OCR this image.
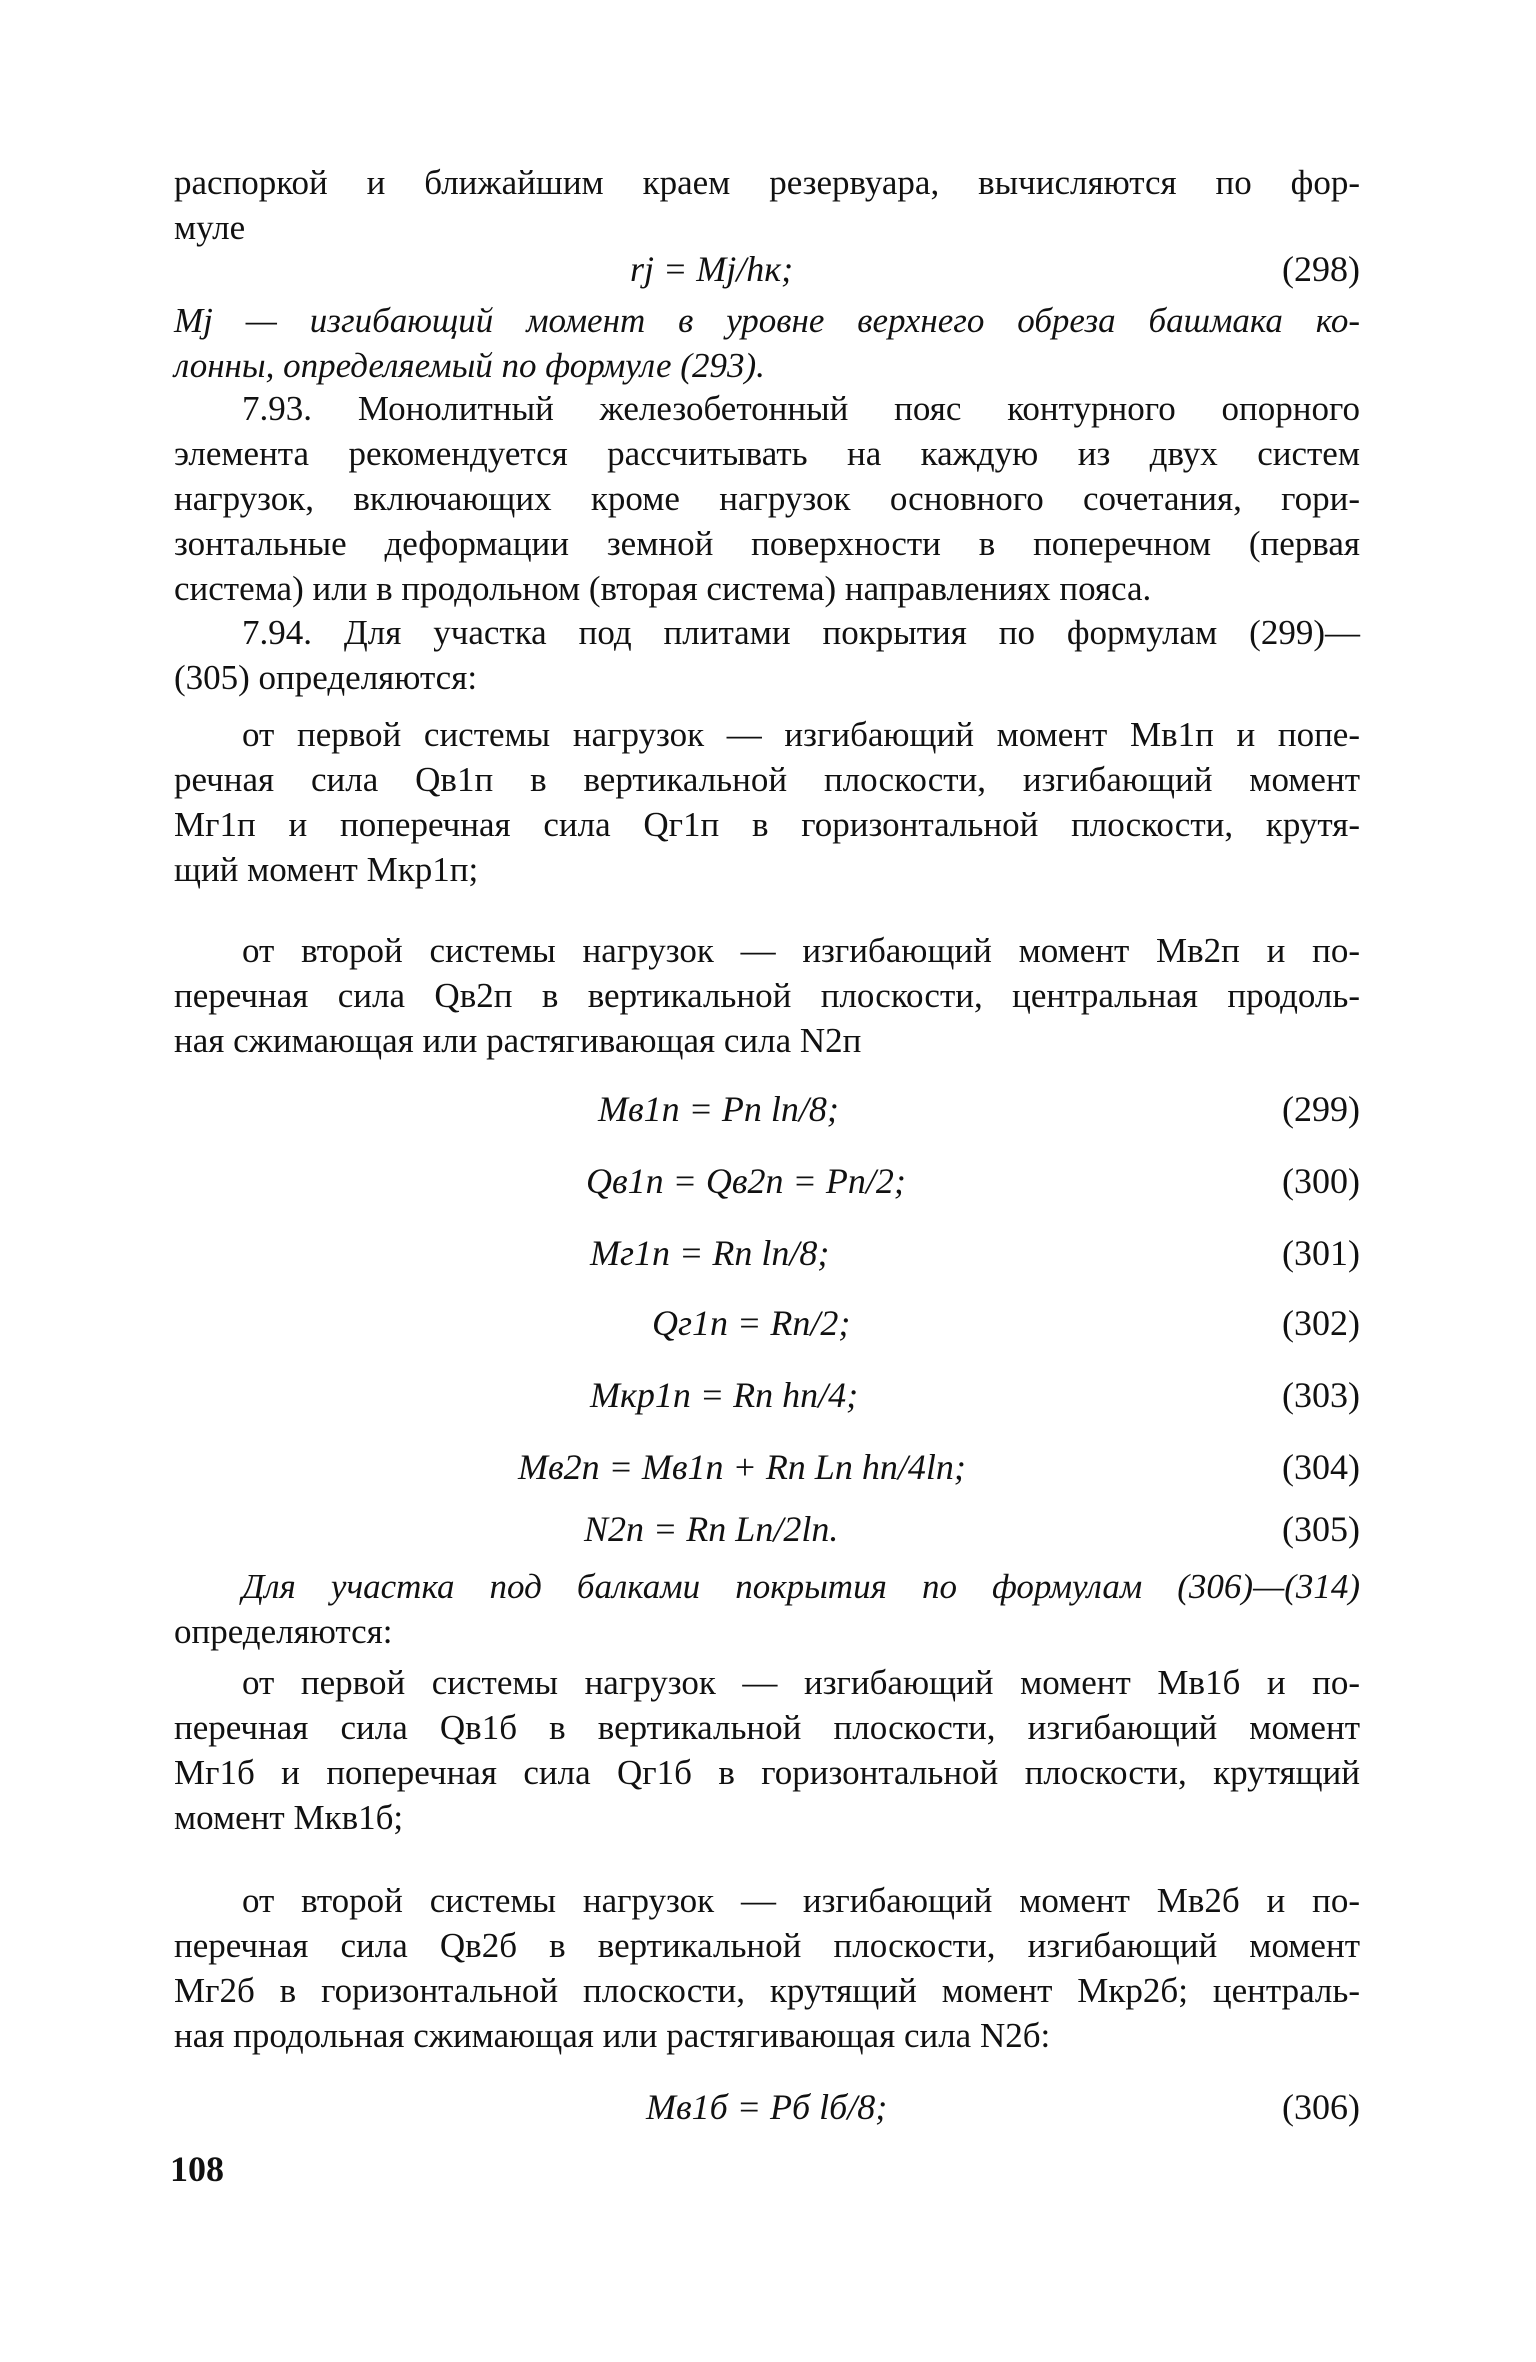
распоркой и ближайшим краем резервуара, вычисляются по фор-
муле
rj = Mj/hк;	(298)
Mj — изгибающий момент в уровне верхнего обреза башмака ко-
лонны, определяемый по формуле (293).
7.93. Монолитный железобетонный пояс контурного опорного
элемента рекомендуется рассчитывать на каждую из двух систем
нагрузок, включающих кроме нагрузок основного сочетания, гори-
зонтальные деформации земной поверхности в поперечном (первая
система) или в продольном (вторая система) направлениях пояса.
7.94. Для участка под плитами покрытия по формулам (299)—
(305) определяются:
от первой системы нагрузок — изгибающий момент Mв1п и попе-
речная сила Qв1п в вертикальной плоскости, изгибающий момент
Mг1п и поперечная сила Qг1п в горизонтальной плоскости, крутя-
щий момент Mкр1п;
от второй системы нагрузок — изгибающий момент Mв2п и по-
перечная сила Qв2п в вертикальной плоскости, центральная продоль-
ная сжимающая или растягивающая сила N2п
Mв1п = Pп lп/8;	(299)
Qв1п = Qв2п = Pп/2;	(300)
Mг1п = Rп lп/8;	(301)
Qг1п = Rп/2;	(302)
Mкр1п = Rп hп/4;	(303)
Mв2п = Mв1п + Rп Lп hп/4lп;	(304)
N2п = Rп Lп/2lп.	(305)
Для участка под балками покрытия по формулам (306)—(314)
определяются:
от первой системы нагрузок — изгибающий момент Mв1б и по-
перечная сила Qв1б в вертикальной плоскости, изгибающий момент
Mг1б и поперечная сила Qг1б в горизонтальной плоскости, крутящий
момент Mкв1б;
от второй системы нагрузок — изгибающий момент Mв2б и по-
перечная сила Qв2б в вертикальной плоскости, изгибающий момент
Mг2б в горизонтальной плоскости, крутящий момент Mкр2б; централь-
ная продольная сжимающая или растягивающая сила N2б:
Mв1б = Pб lб/8;	(306)
108
